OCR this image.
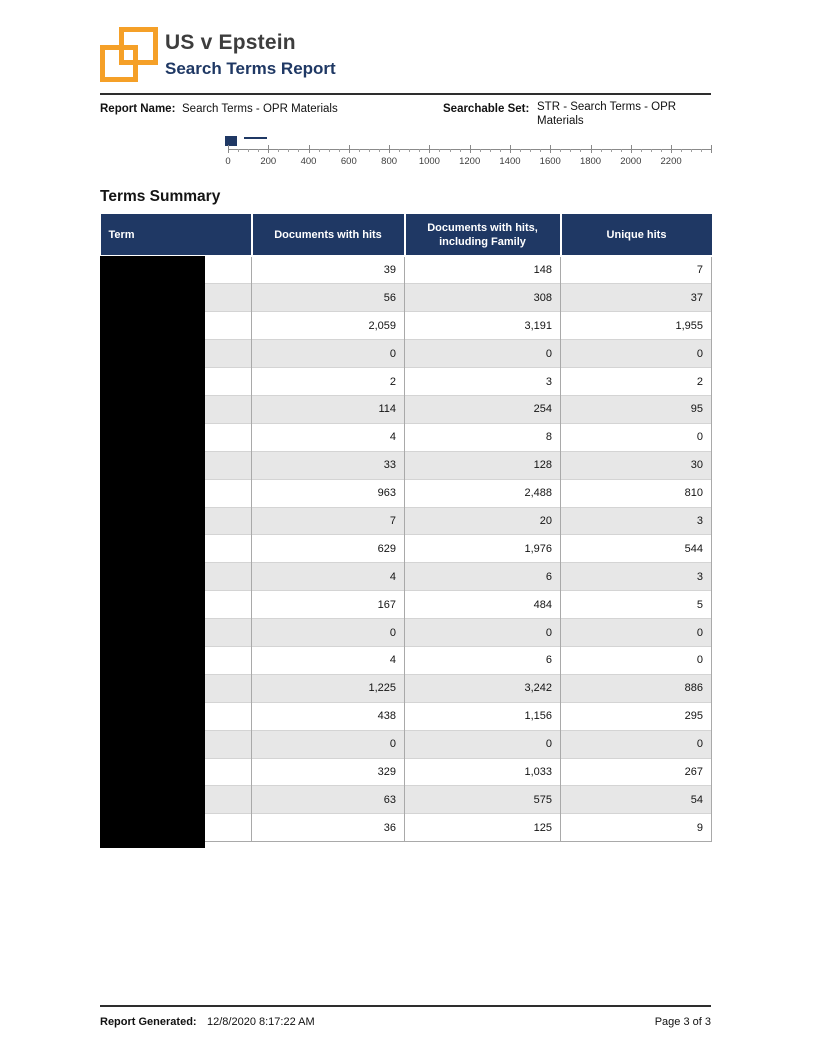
US v Epstein
Search Terms Report
Report Name: Search Terms - OPR Materials	Searchable Set: STR - Search Terms - OPR Materials
0	200	400	600	800 1000 1200 1400 1600 1800 2000 2200
Terms Summary
Term	Documents with hits	Documents with hits, including Family	Unique hits
	39	148	7
	56	308	37
	2,059	3,191	1,955
	0	0	0
	2	3	2
	114	254	95
	4	8	0
	33	128	30
	963	2,488	810
	7	20	3
	629	1,976	544
	4	6	3
	167	484	5
	0	0	0
	4	6	0
	1,225	3,242	886
	438	1,156	295
	0	0	0
	329	1,033	267
	63	575	54
	36	125	9
Report Generated: 12/8/2020 8:17:22 AM	Page 3 of 3
